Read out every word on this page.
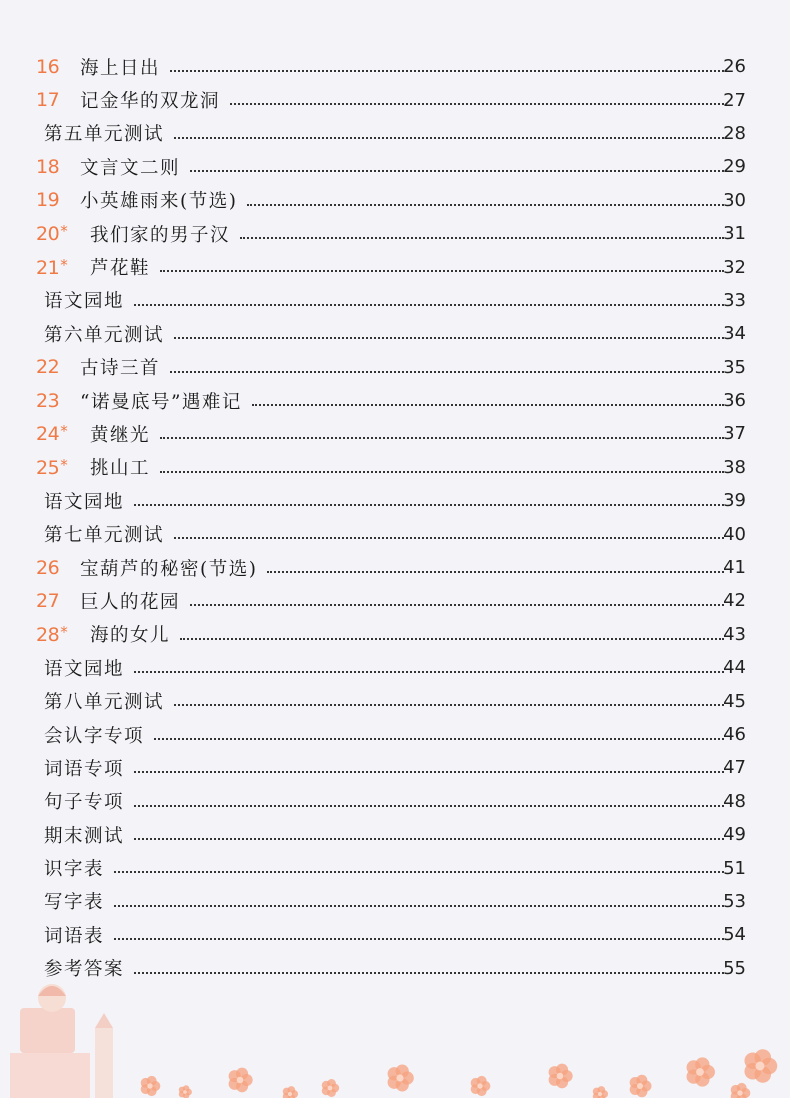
16	海上日出	26
17	记金华的双龙洞	27
第五单元测试	28
18	文言文二则	29
19	小英雄雨来(节选)	30
20*	我们家的男子汉	31
21*	芦花鞋	32
语文园地	33
第六单元测试	34
22	古诗三首	35
23	“诺曼底号”遇难记	36
24*	黄继光	37
25*	挑山工	38
语文园地	39
第七单元测试	40
26	宝葫芦的秘密(节选)	41
27	巨人的花园	42
28*	海的女儿	43
语文园地	44
第八单元测试	45
会认字专项	46
词语专项	47
句子专项	48
期末测试	49
识字表	51
写字表	53
词语表	54
参考答案	55
